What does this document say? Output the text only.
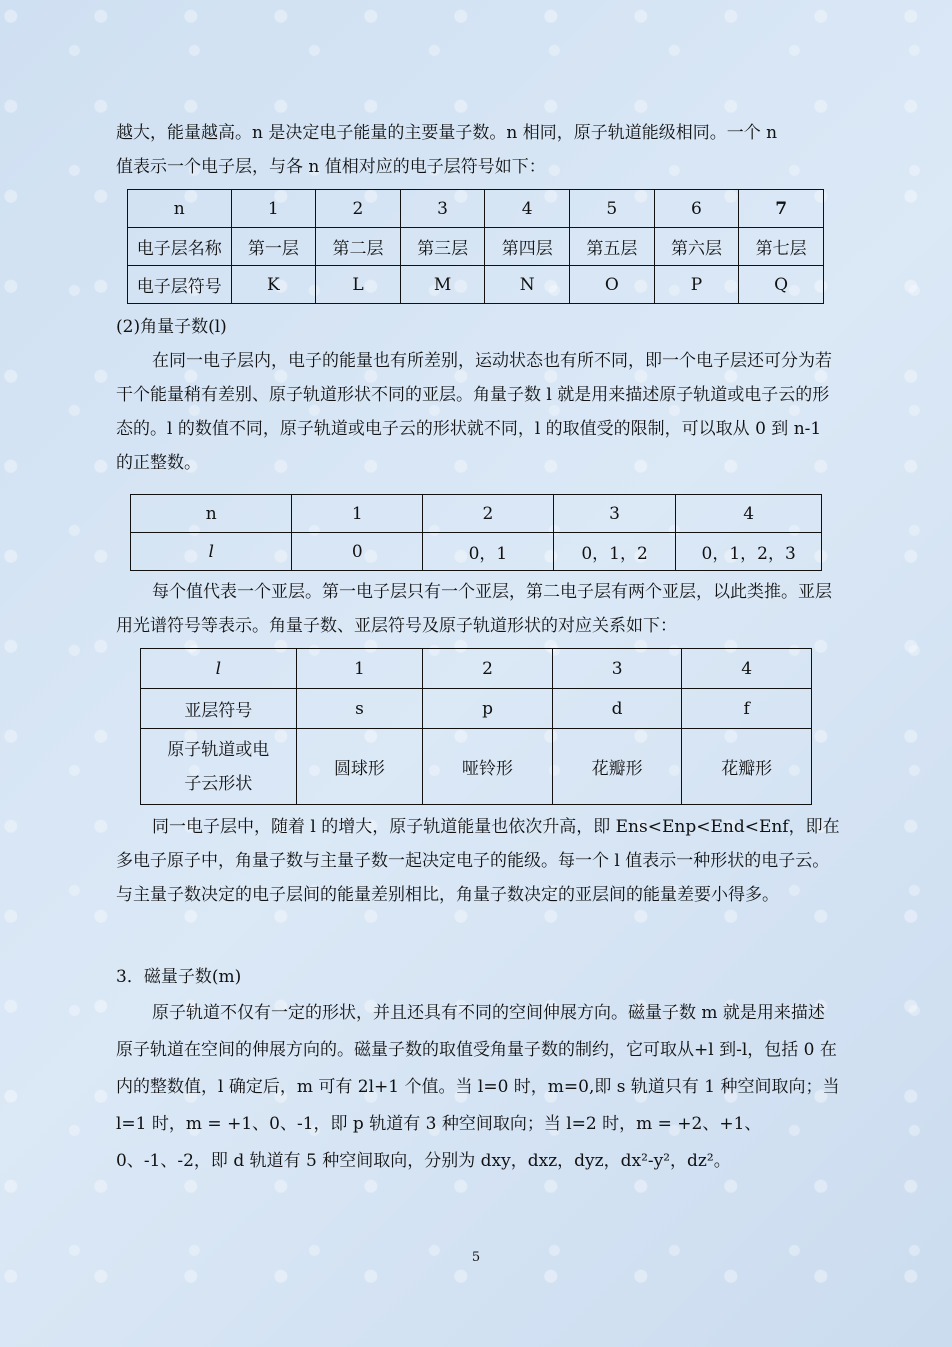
越大，能量越高。n 是决定电子能量的主要量子数。n 相同，原子轨道能级相同。一个 n

值表示一个电子层，与各 n 值相对应的电子层符号如下：

n	1	2	3	4	5	6	7
电子层名称	第一层	第二层	第三层	第四层	第五层	第六层	第七层
电子层符号	K	L	M	N	O	P	Q

(2)角量子数(l)

在同一电子层内，电子的能量也有所差别，运动状态也有所不同，即一个电子层还可分为若干个能量稍有差别、原子轨道形状不同的亚层。角量子数 l 就是用来描述原子轨道或电子云的形态的。l 的数值不同，原子轨道或电子云的形状就不同，l 的取值受的限制，可以取从 0 到 n-1 的正整数。

n	1	2	3	4
l	0	0，1	0，1，2	0，1，2，3

每个值代表一个亚层。第一电子层只有一个亚层，第二电子层有两个亚层，以此类推。亚层用光谱符号等表示。角量子数、亚层符号及原子轨道形状的对应关系如下：

l	1	2	3	4
亚层符号	s	p	d	f
原子轨道或电子云形状	圆球形	哑铃形	花瓣形	花瓣形

同一电子层中，随着 l 的增大，原子轨道能量也依次升高，即 Ens<Enp<End<Enf，即在多电子原子中，角量子数与主量子数一起决定电子的能级。每一个 l 值表示一种形状的电子云。与主量子数决定的电子层间的能量差别相比，角量子数决定的亚层间的能量差要小得多。

3．磁量子数(m)

原子轨道不仅有一定的形状，并且还具有不同的空间伸展方向。磁量子数 m 就是用来描述原子轨道在空间的伸展方向的。磁量子数的取值受角量子数的制约，它可取从+l 到-l，包括 0 在内的整数值，l 确定后，m 可有 2l+1 个值。当 l=0 时，m=0,即 s 轨道只有 1 种空间取向；当 l=1 时，m = +1、0、-1，即 p 轨道有 3 种空间取向；当 l=2 时，m = +2、+1、0、-1、-2，即 d 轨道有 5 种空间取向，分别为 dxy，dxz，dyz，dx²-y²，dz²。

5
